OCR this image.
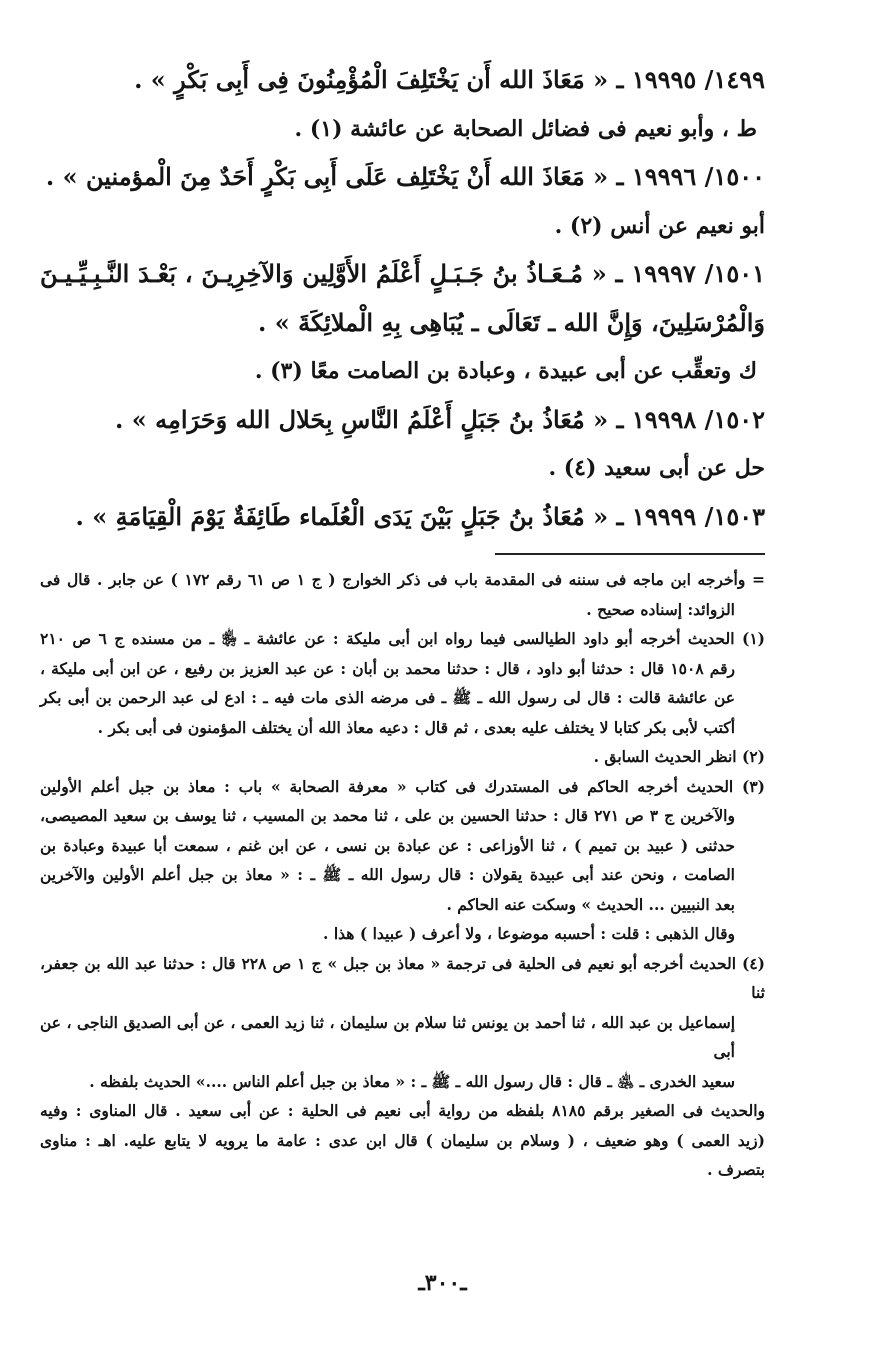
١٤٩٩/ ١٩٩٩٥ ـ « مَعَاذَ الله أَن يَخْتَلِفَ الْمُؤْمِنُونَ فِى أَبِى بَكْرٍ » .
ط ، وأبو نعيم فى فضائل الصحابة عن عائشة (١) .
١٥٠٠/ ١٩٩٩٦ ـ « مَعَاذَ الله أَنْ يَخْتَلِف عَلَى أَبِى بَكْرٍ أَحَدٌ مِنَ الْمؤمنين » .
أبو نعيم عن أنس (٢) .
١٥٠١/ ١٩٩٩٧ ـ « مُـعَـاذُ بنُ جَـبَـلٍ أَعْلَمُ الأَوَّلِين وَالآخِرِيـنَ ، بَعْـدَ النَّـبِـيِّـيـنَ
وَالْمُرْسَلِينَ، وَإِنَّ الله ـ تَعَالَى ـ يُبَاهِى بِهِ الْملائِكَةَ » .
ك وتعقِّب عن أبى عبيدة ، وعبادة بن الصامت معًا (٣) .
١٥٠٢/ ١٩٩٩٨ ـ « مُعَاذُ بنُ جَبَلٍ أَعْلَمُ النَّاسِ بِحَلال الله وَحَرَامِه » .
حل عن أبى سعيد (٤) .
١٥٠٣/ ١٩٩٩٩ ـ « مُعَاذُ بنُ جَبَلٍ بَيْنَ يَدَى الْعُلَماء طَائِفَةٌ يَوْمَ الْقِيَامَةِ » .
= وأخرجه ابن ماجه فى سننه فى المقدمة باب فى ذكر الخوارج ( ج ١ ص ٦١ رقم ١٧٢ ) عن جابر . قال فى
الزوائد: إسناده صحيح .
(١) الحديث أخرجه أبو داود الطيالسى فيما رواه ابن أبى مليكة : عن عائشة ـ ﵂ ـ من مسنده ج ٦ ص ٢١٠
رقم ١٥٠٨ قال : حدثنا أبو داود ، قال : حدثنا محمد بن أبان : عن عبد العزيز بن رفيع ، عن ابن أبى مليكة ،
عن عائشة قالت : قال لى رسول الله ـ ﷺ ـ فى مرضه الذى مات فيه ـ : ادع لى عبد الرحمن بن أبى بكر
أكتب لأبى بكر كتابا لا يختلف عليه بعدى ، ثم قال : دعيه معاذ الله أن يختلف المؤمنون فى أبى بكر .
(٢) انظر الحديث السابق .
(٣) الحديث أخرجه الحاكم فى المستدرك فى كتاب « معرفة الصحابة » باب : معاذ بن جبل أعلم الأولين
والآخرين ج ٣ ص ٢٧١ قال : حدثنا الحسين بن على ، ثنا محمد بن المسيب ، ثنا يوسف بن سعيد المصيصى،
حدثنى ( عبيد بن تميم ) ، ثنا الأوزاعى : عن عبادة بن نسى ، عن ابن غنم ، سمعت أبا عبيدة وعبادة بن
الصامت ، ونحن عند أبى عبيدة يقولان : قال رسول الله ـ ﷺ ـ : « معاذ بن جبل أعلم الأولين والآخرين
بعد النبيين ... الحديث » وسكت عنه الحاكم .
وقال الذهبى : قلت : أحسبه موضوعا ، ولا أعرف ( عبيدا ) هذا .
(٤) الحديث أخرجه أبو نعيم فى الحلية فى ترجمة « معاذ بن جبل » ج ١ ص ٢٢٨ قال : حدثنا عبد الله بن جعفر، ثنا
إسماعيل بن عبد الله ، ثنا أحمد بن يونس ثنا سلام بن سليمان ، ثنا زيد العمى ، عن أبى الصديق الناجى ، عن أبى
سعيد الخدرى ـ ﵁ ـ قال : قال رسول الله ـ ﷺ ـ : « معاذ بن جبل أعلم الناس ....» الحديث بلفظه .
والحديث فى الصغير برقم ٨١٨٥ بلفظه من رواية أبى نعيم فى الحلية : عن أبى سعيد . قال المناوى : وفيه
(زيد العمى ) وهو ضعيف ، ( وسلام بن سليمان ) قال ابن عدى : عامة ما يرويه لا يتابع عليه. اهـ : مناوى
بتصرف .
ـ٣٠٠ـ
